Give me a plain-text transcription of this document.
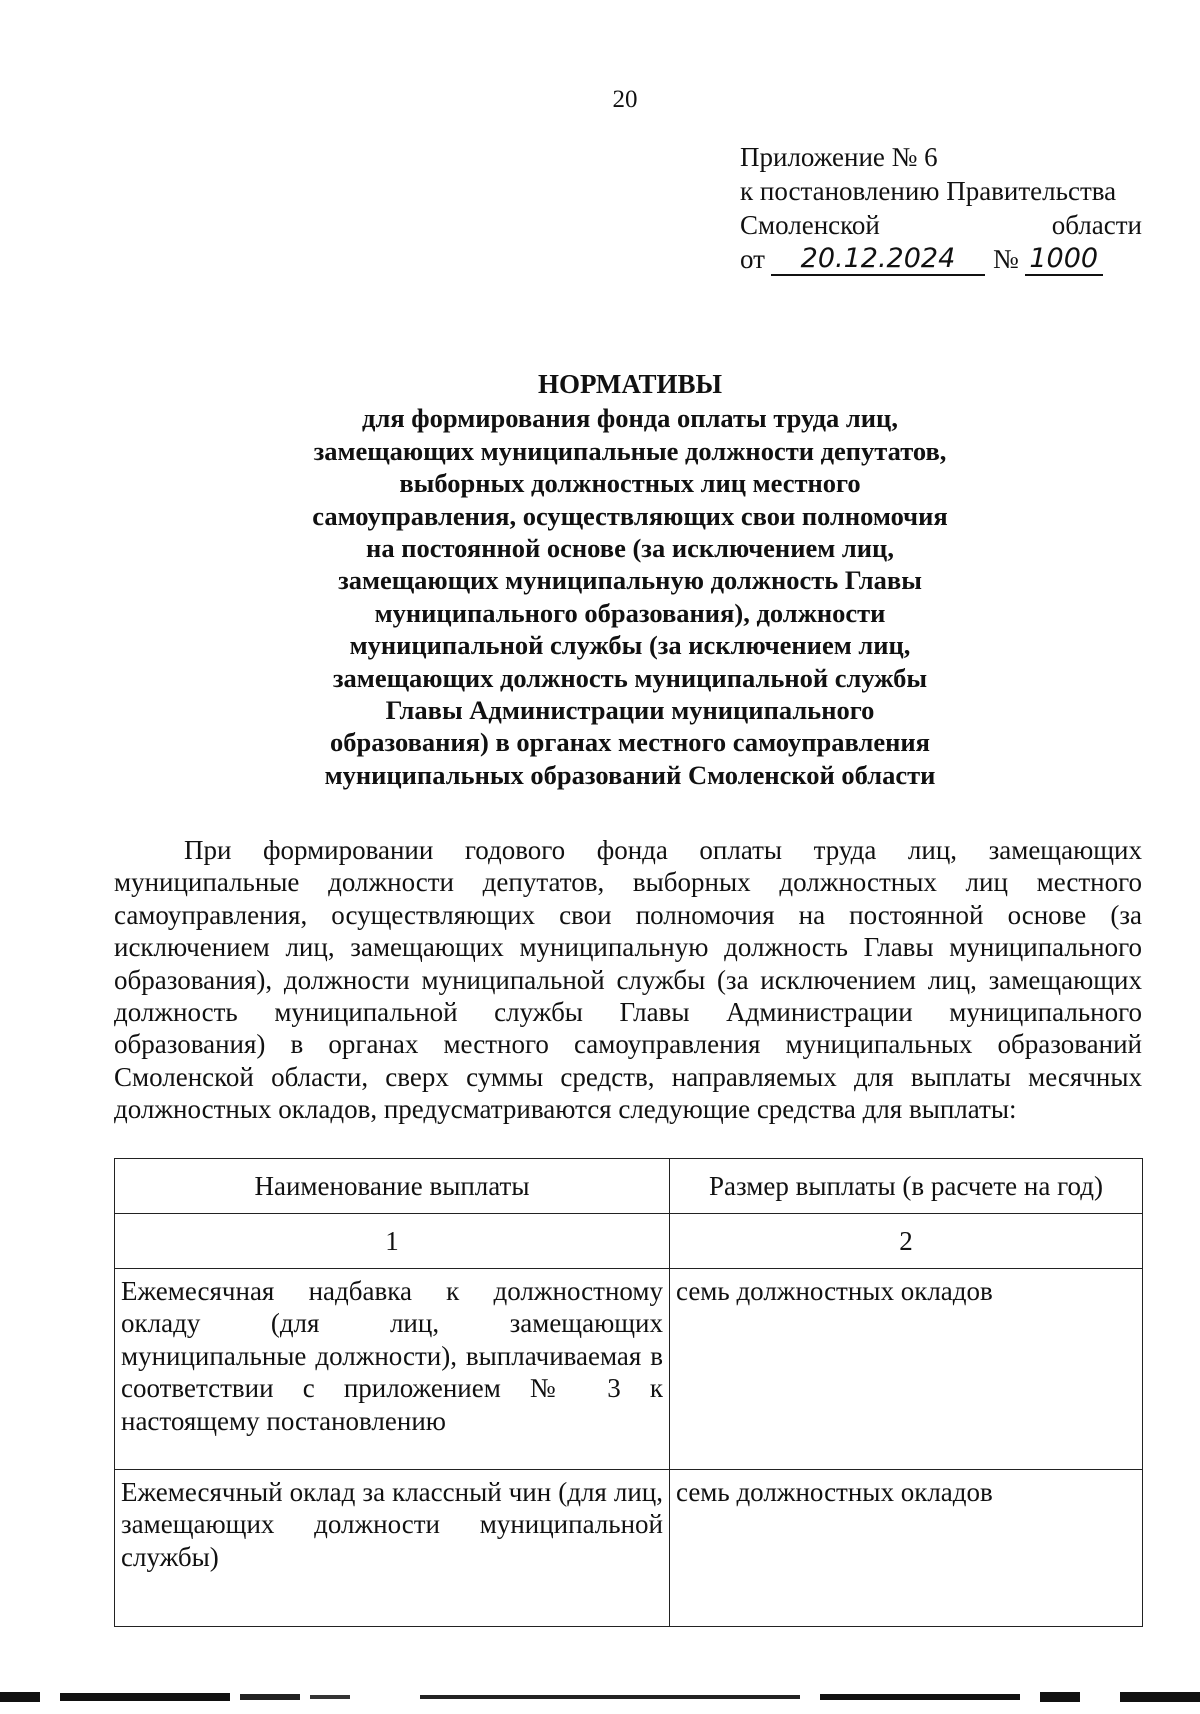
20
Приложение № 6
к постановлению Правительства
Смоленской	области
от	20.12.2024	№ 1000
НОРМАТИВЫ
для формирования фонда оплаты труда лиц,
замещающих муниципальные должности депутатов,
выборных должностных лиц местного
самоуправления, осуществляющих свои полномочия
на постоянной основе (за исключением лиц,
замещающих муниципальную должность Главы
муниципального образования), должности
муниципальной службы (за исключением лиц,
замещающих должность муниципальной службы
Главы Администрации муниципального
образования) в органах местного самоуправления
муниципальных образований Смоленской области

При формировании годового фонда оплаты труда лиц, замещающих муниципальные должности депутатов, выборных должностных лиц местного самоуправления, осуществляющих свои полномочия на постоянной основе (за исключением лиц, замещающих муниципальную должность Главы муниципального образования), должности муниципальной службы (за исключением лиц, замещающих должность муниципальной службы Главы Администрации муниципального образования) в органах местного самоуправления муниципальных образований Смоленской области, сверх суммы средств, направляемых для выплаты месячных должностных окладов, предусматриваются следующие средства для выплаты:

Наименование выплаты	Размер выплаты (в расчете на год)
1	2
Ежемесячная надбавка к должностному окладу (для лиц, замещающих муниципальные должности), выплачиваемая в соответствии с приложением № 3 к настоящему постановлению	семь должностных окладов
Ежемесячный оклад за классный чин (для лиц, замещающих должности муниципальной службы)	семь должностных окладов
